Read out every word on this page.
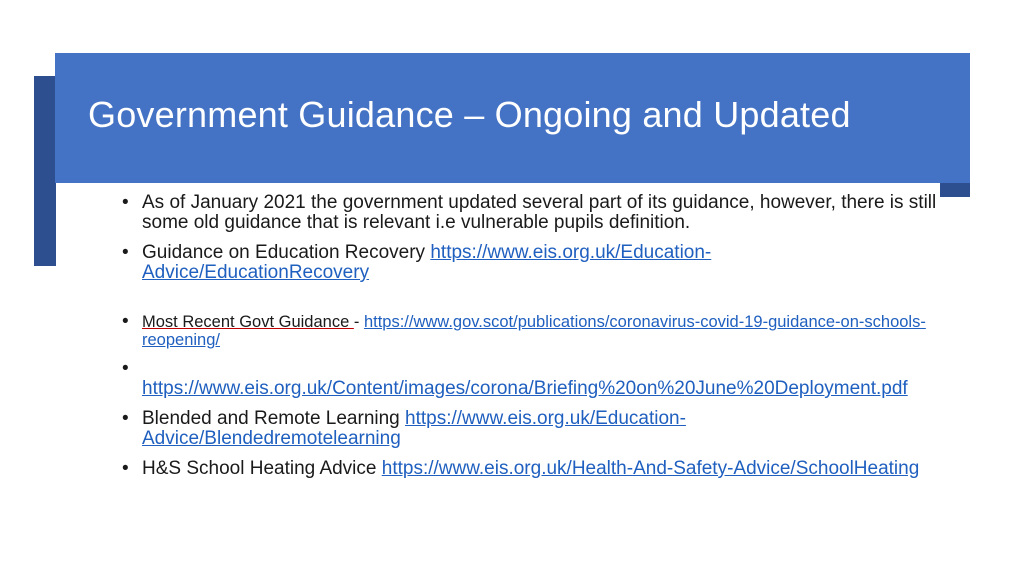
Government Guidance – Ongoing and Updated
• As of January 2021 the government updated several part of its guidance, however, there is still some old guidance that is relevant i.e vulnerable pupils definition.
• Guidance on Education Recovery https://www.eis.org.uk/Education-Advice/EducationRecovery
• Most Recent Govt Guidance - https://www.gov.scot/publications/coronavirus-covid-19-guidance-on-schools-reopening/
• https://www.eis.org.uk/Content/images/corona/Briefing%20on%20June%20Deployment.pdf
• Blended and Remote Learning https://www.eis.org.uk/Education-Advice/Blendedremotelearning
• H&S School Heating Advice https://www.eis.org.uk/Health-And-Safety-Advice/SchoolHeating
